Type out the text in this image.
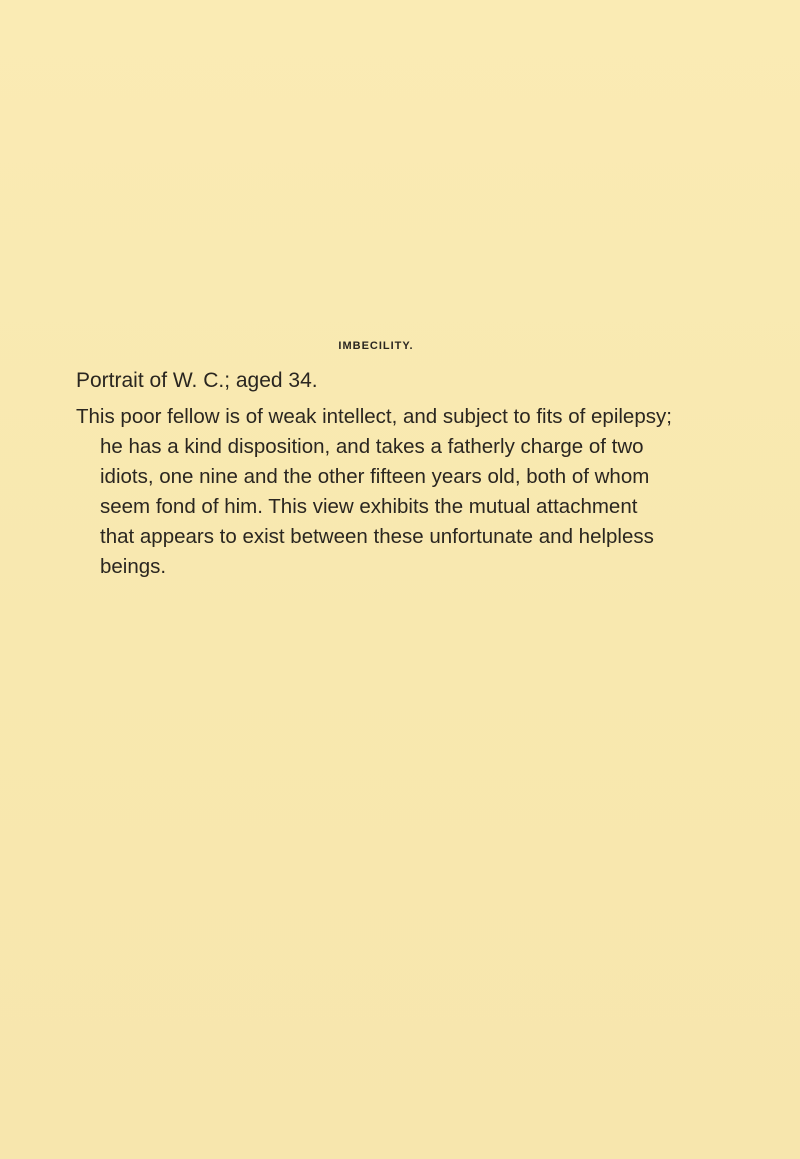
IMBECILITY.

Portrait of W. C.; aged 34.

This poor fellow is of weak intellect, and subject to fits of epilepsy; he has a kind disposition, and takes a fatherly charge of two idiots, one nine and the other fifteen years old, both of whom seem fond of him. This view exhibits the mutual attachment that appears to exist between these unfortunate and helpless beings.
